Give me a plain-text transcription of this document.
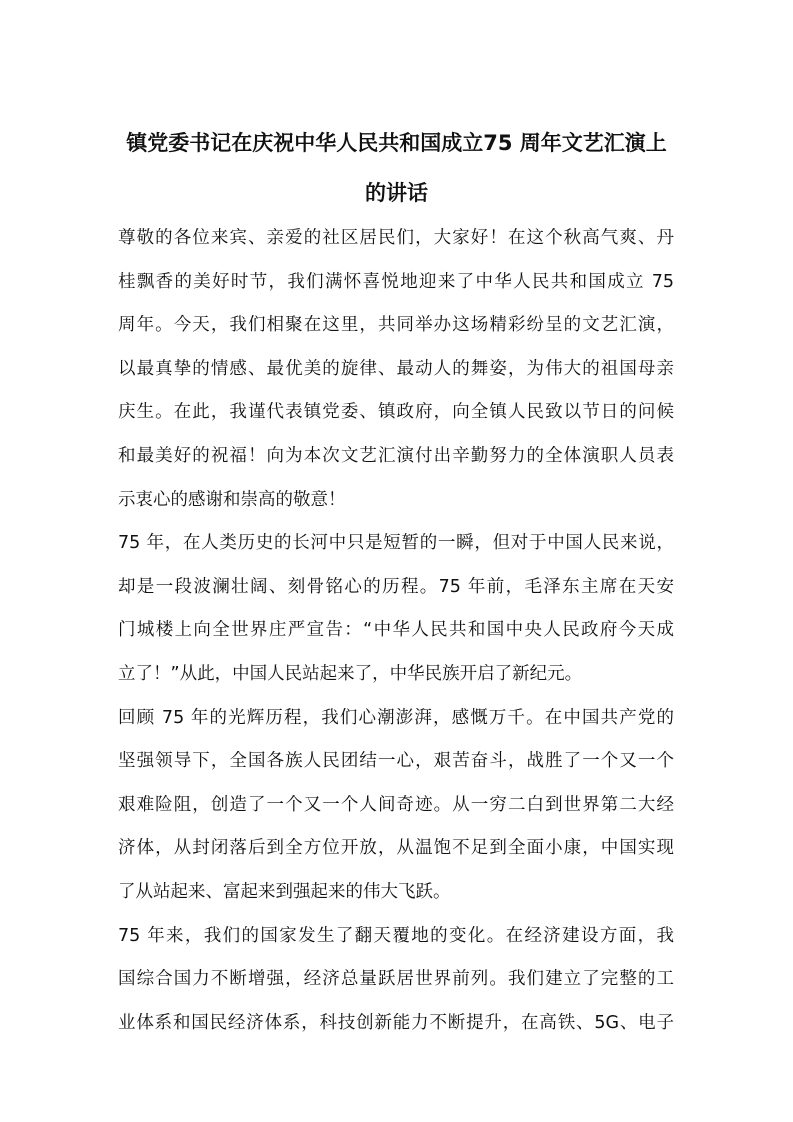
镇党委书记在庆祝中华人民共和国成立75 周年文艺汇演上
的讲话
尊敬的各位来宾、亲爱的社区居民们，大家好！在这个秋高气爽、丹
桂飘香的美好时节，我们满怀喜悦地迎来了中华人民共和国成立 75
周年。今天，我们相聚在这里，共同举办这场精彩纷呈的文艺汇演，
以最真挚的情感、最优美的旋律、最动人的舞姿，为伟大的祖国母亲
庆生。在此，我谨代表镇党委、镇政府，向全镇人民致以节日的问候
和最美好的祝福！向为本次文艺汇演付出辛勤努力的全体演职人员表
示衷心的感谢和崇高的敬意！
75 年，在人类历史的长河中只是短暂的一瞬，但对于中国人民来说，
却是一段波澜壮阔、刻骨铭心的历程。75 年前，毛泽东主席在天安
门城楼上向全世界庄严宣告：“中华人民共和国中央人民政府今天成
立了！”从此，中国人民站起来了，中华民族开启了新纪元。
回顾 75 年的光辉历程，我们心潮澎湃，感慨万千。在中国共产党的
坚强领导下，全国各族人民团结一心，艰苦奋斗，战胜了一个又一个
艰难险阻，创造了一个又一个人间奇迹。从一穷二白到世界第二大经
济体，从封闭落后到全方位开放，从温饱不足到全面小康，中国实现
了从站起来、富起来到强起来的伟大飞跃。
75 年来，我们的国家发生了翻天覆地的变化。在经济建设方面，我
国综合国力不断增强，经济总量跃居世界前列。我们建立了完整的工
业体系和国民经济体系，科技创新能力不断提升，在高铁、5G、电子
